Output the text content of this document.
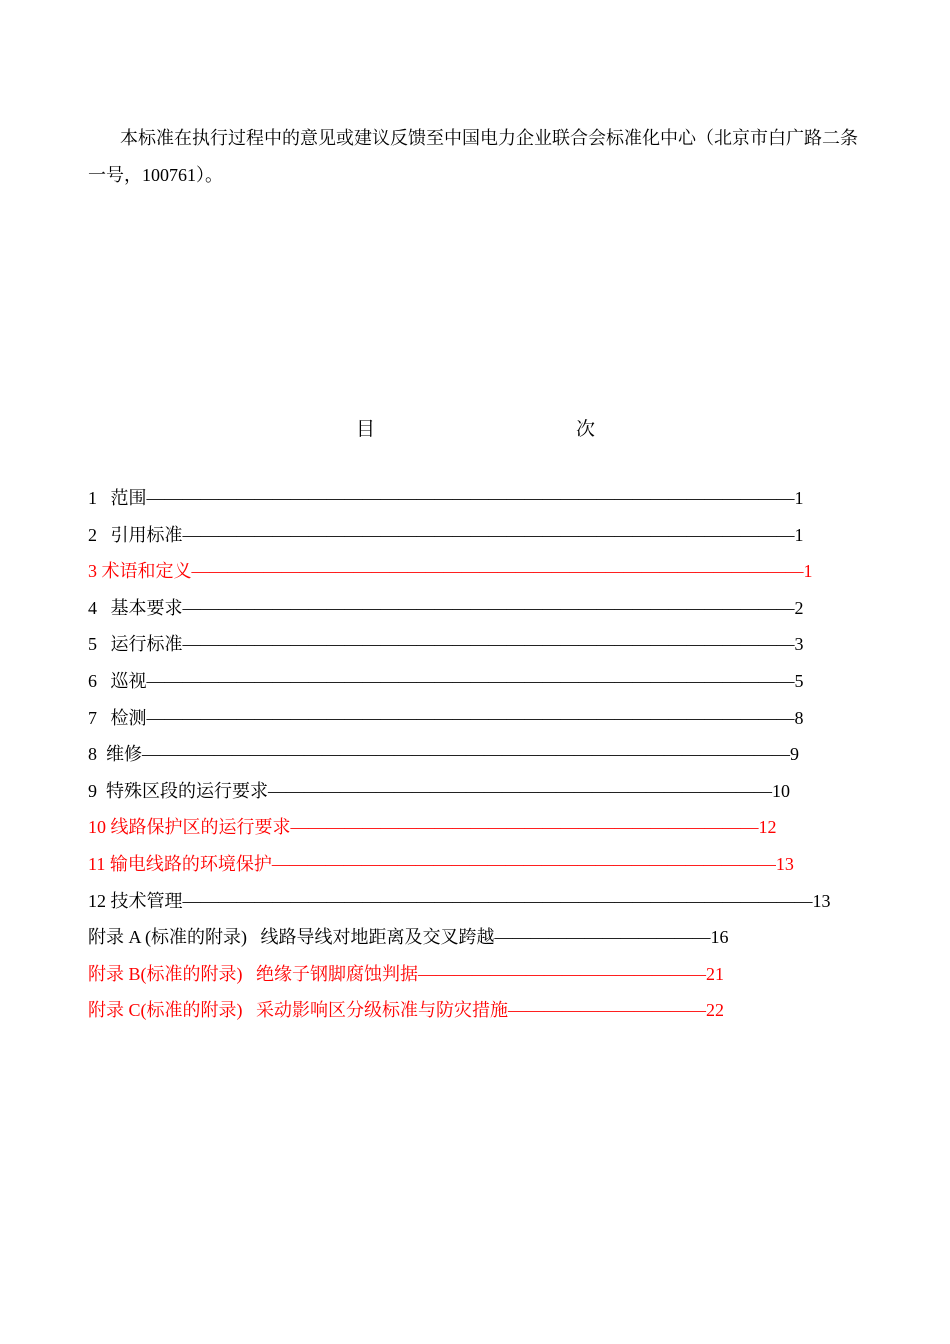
本标准在执行过程中的意见或建议反馈至中国电力企业联合会标准化中心（北京市白广路二条一号，100761）。

目	次
1   范围――――――――――――――――――――――――――――――――――――1
2   引用标准――――――――――――――――――――――――――――――――――1
3 术语和定义――――――――――――――――――――――――――――――――――1
4   基本要求――――――――――――――――――――――――――――――――――2
5   运行标准――――――――――――――――――――――――――――――――――3
6   巡视――――――――――――――――――――――――――――――――――――5
7   检测――――――――――――――――――――――――――――――――――――8
8  维修――――――――――――――――――――――――――――――――――――9
9  特殊区段的运行要求――――――――――――――――――――――――――――10
10 线路保护区的运行要求――――――――――――――――――――――――――12
11 输电线路的环境保护――――――――――――――――――――――――――――13
12 技术管理―――――――――――――――――――――――――――――――――――13
附录 A (标准的附录)   线路导线对地距离及交叉跨越――――――――――――16
附录 B(标准的附录)   绝缘子钢脚腐蚀判据――――――――――――――――21
附录 C(标准的附录)   采动影响区分级标准与防灾措施―――――――――――22
